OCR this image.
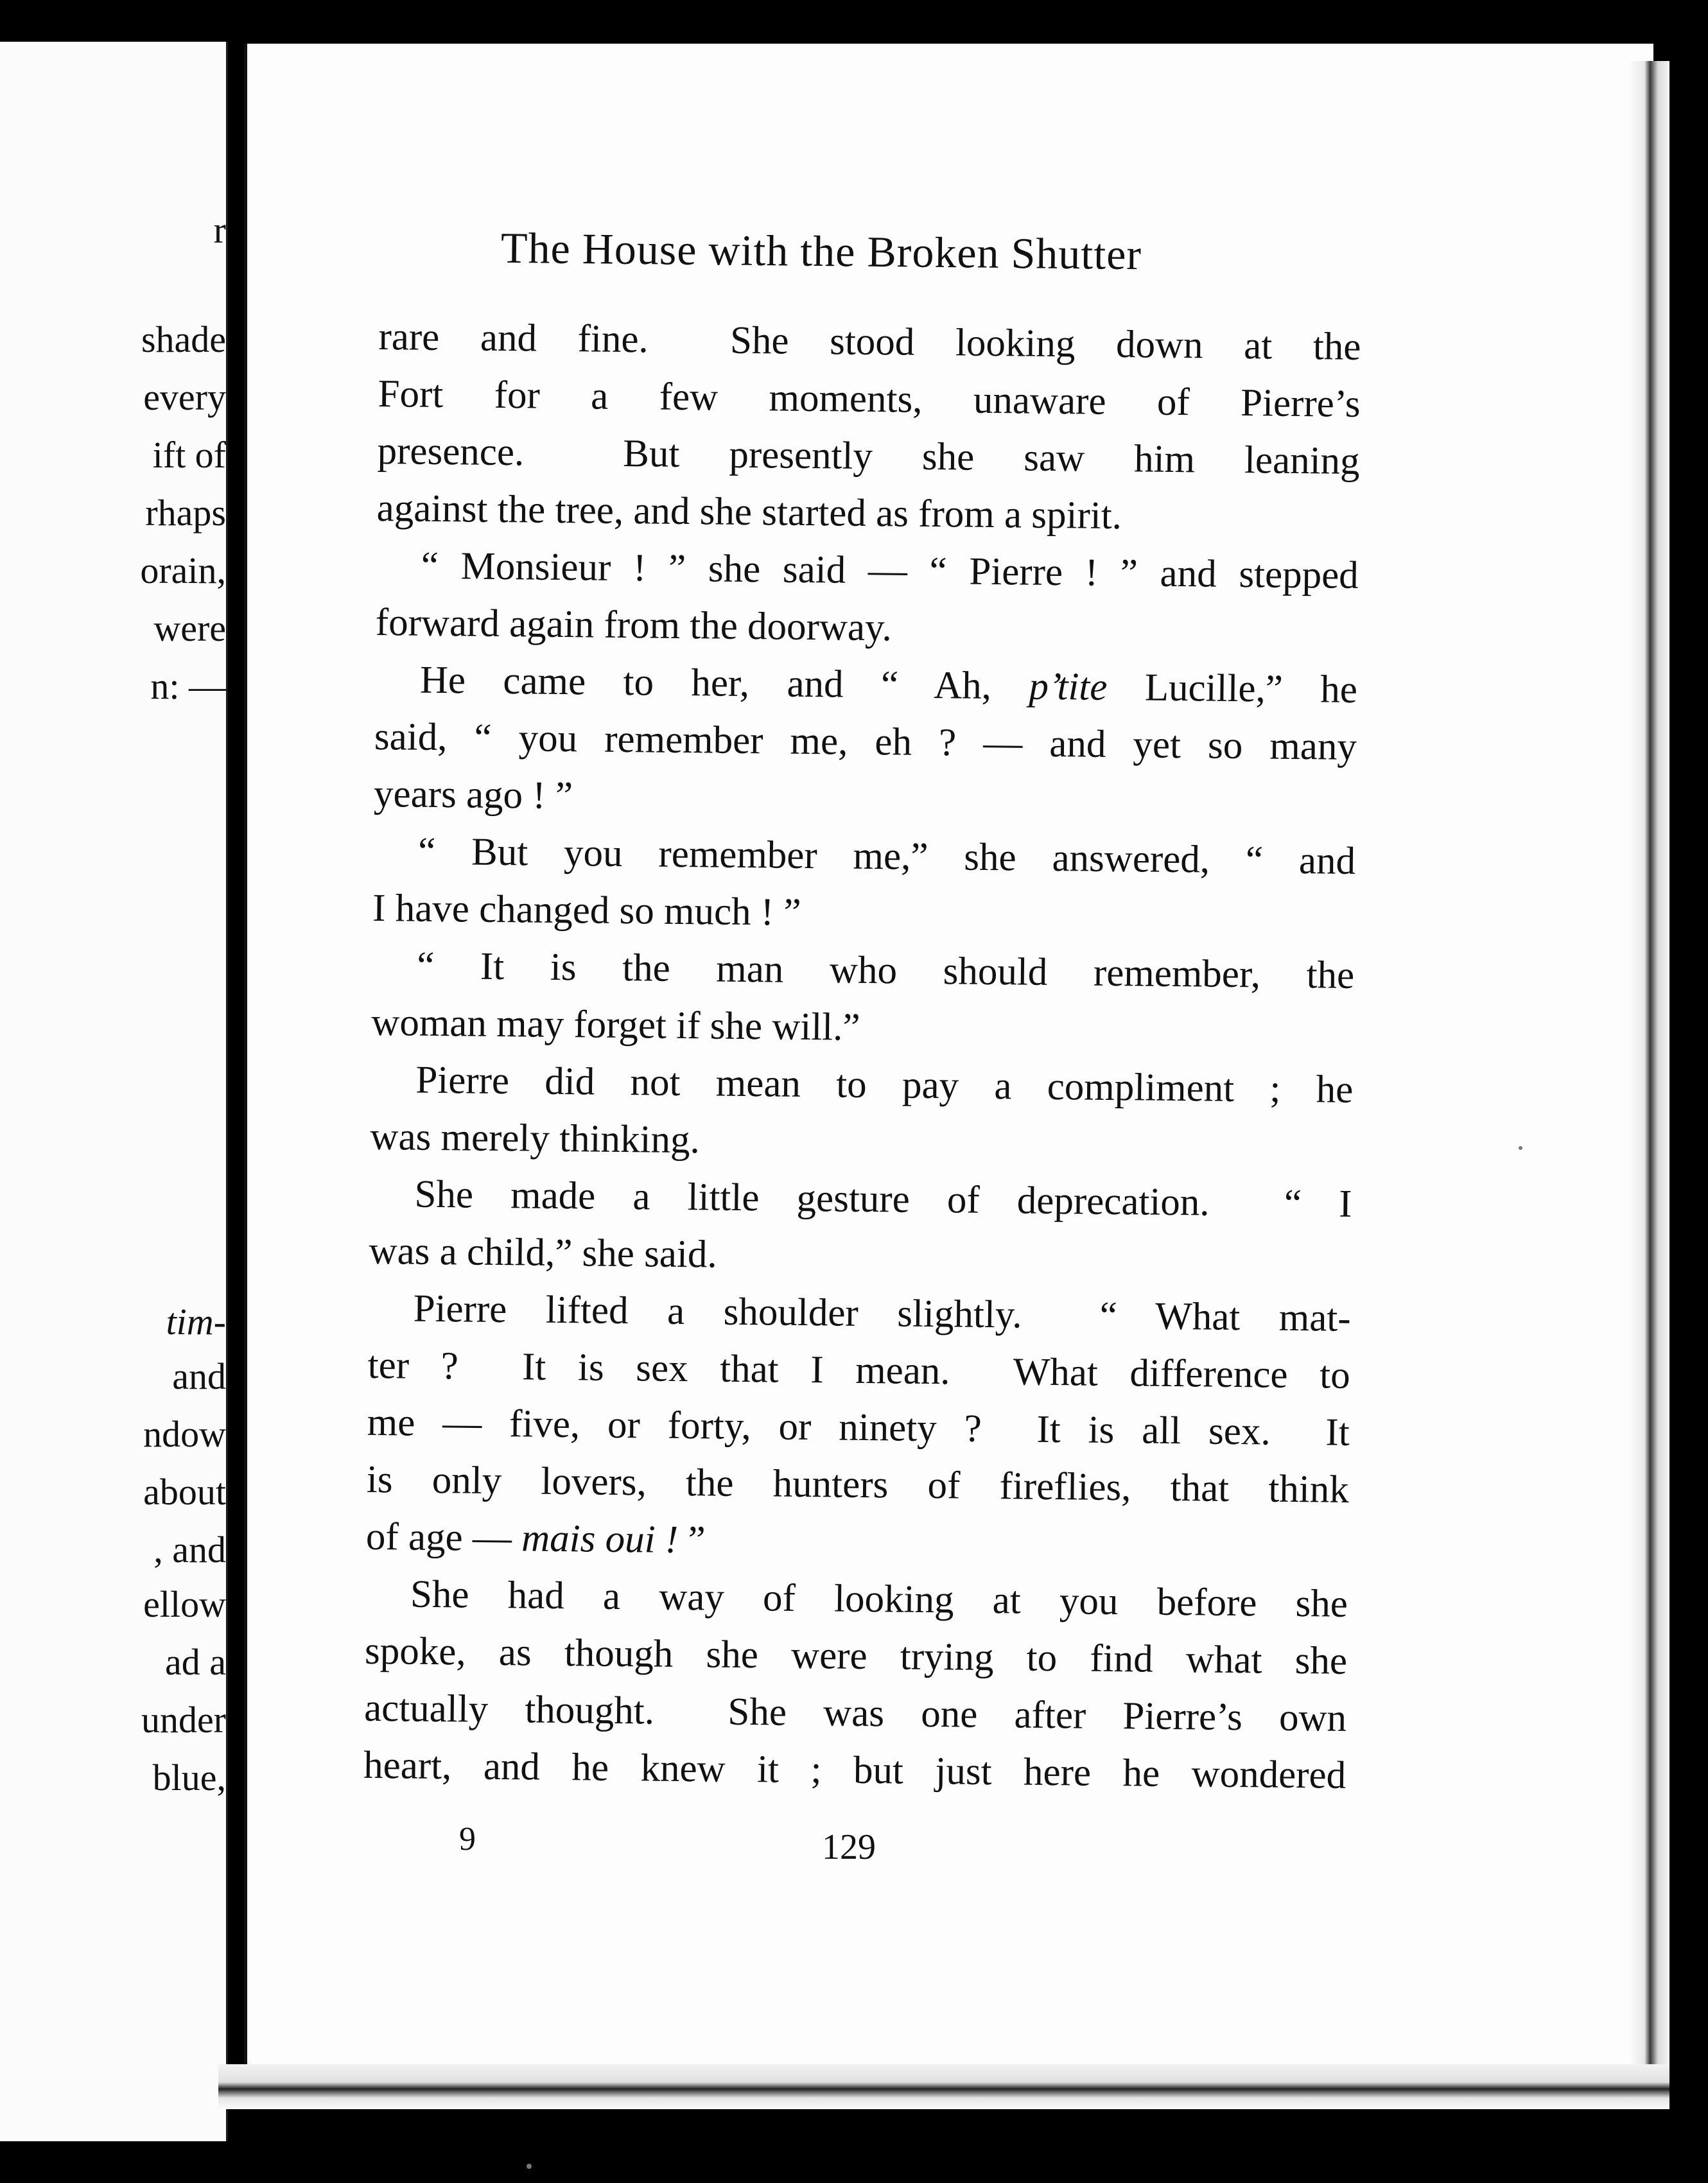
r
shade
every
ift of
rhaps
orain,
were
n: —
tim-
and
ndow
about
, and
ellow
ad a
under
blue,
The House with the Broken Shutter
rare and fine.  She stood looking down at the
Fort for a few moments, unaware of Pierre’s
presence.  But presently she saw him leaning
against the tree, and she started as from a spirit.
“ Monsieur ! ” she said — “ Pierre ! ” and stepped
forward again from the doorway.
He came to her, and “ Ah, p’tite Lucille,” he
said, “ you remember me, eh ? — and yet so many
years ago ! ”
“ But you remember me,” she answered, “ and
I have changed so much ! ”
“ It is the man who should remember, the
woman may forget if she will.”
Pierre did not mean to pay a compliment ; he
was merely thinking.
She made a little gesture of deprecation.  “ I
was a child,” she said.
Pierre lifted a shoulder slightly.  “ What mat-
ter ?  It is sex that I mean.  What difference to
me — five, or forty, or ninety ?  It is all sex.  It
is only lovers, the hunters of fireflies, that think
of age — mais oui ! ”
She had a way of looking at you before she
spoke, as though she were trying to find what she
actually thought.  She was one after Pierre’s own
heart, and he knew it ; but just here he wondered
9	129
